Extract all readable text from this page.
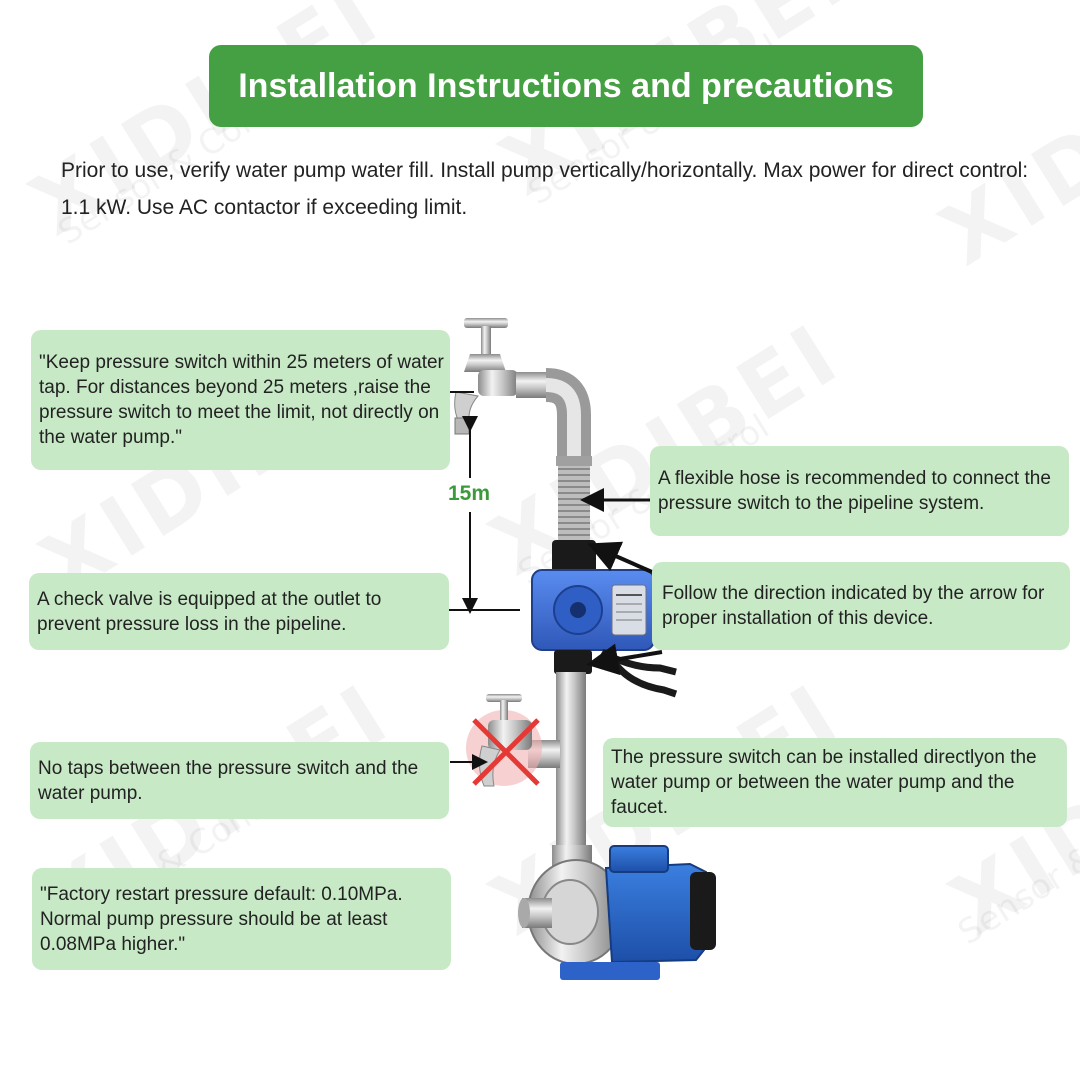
Installation Instructions and precautions
Prior to use, verify water pump water fill. Install pump vertically/horizontally. Max power for direct control: 1.1 kW. Use AC contactor if exceeding limit.
15m
"Keep pressure switch within 25 meters of water tap. For distances beyond 25 meters ,raise the pressure switch to meet the limit, not directly on the water pump."
A flexible hose is recommended to connect the pressure switch to the pipeline system.
A check valve is equipped at the outlet to prevent pressure loss in the pipeline.
Follow the direction indicated by the arrow for proper installation of this device.
No taps between the pressure switch and the water pump.
The pressure switch can be installed directlyon the water pump or between the water pump and the faucet.
"Factory restart pressure default: 0.10MPa. Normal pump pressure should be at least 0.08MPa higher."
